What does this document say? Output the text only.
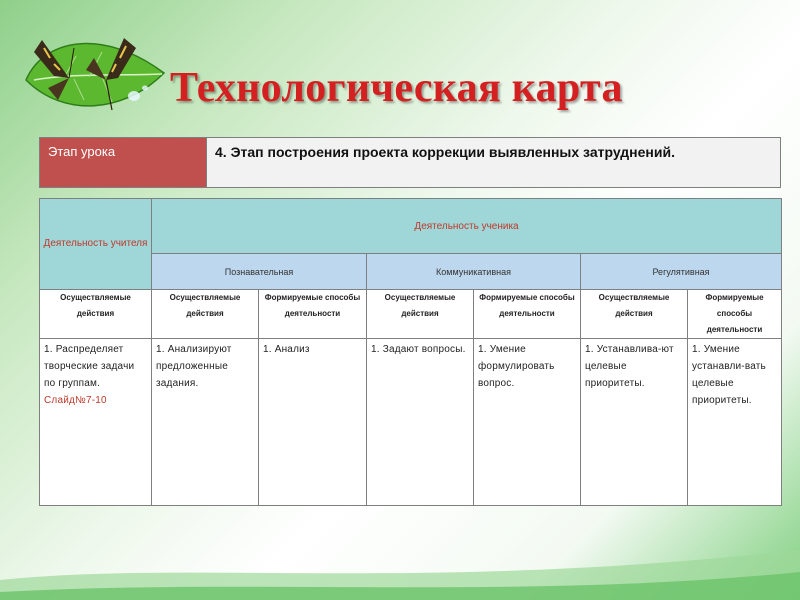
Технологическая карта
Этап урока	4. Этап построения проекта коррекции выявленных затруднений.
Деятельность учителя	Деятельность ученика					
	Познавательная		Коммуникативная		Регулятивная	
Осуществляемые действия	Осуществляемые действия	Формируемые способы деятельности	Осуществляемые действия	Формируемые способы деятельности	Осуществляемые действия	Формируемые способы деятельности
1. Распределяет творческие задачи по группам.
Слайд№7-10	1. Анализируют предложенные задания.	1. Анализ	1. Задают вопросы.	1. Умение формулировать вопрос.	1. Устанавлива-ют целевые приоритеты.	1. Умение устанавли-вать целевые приоритеты.
